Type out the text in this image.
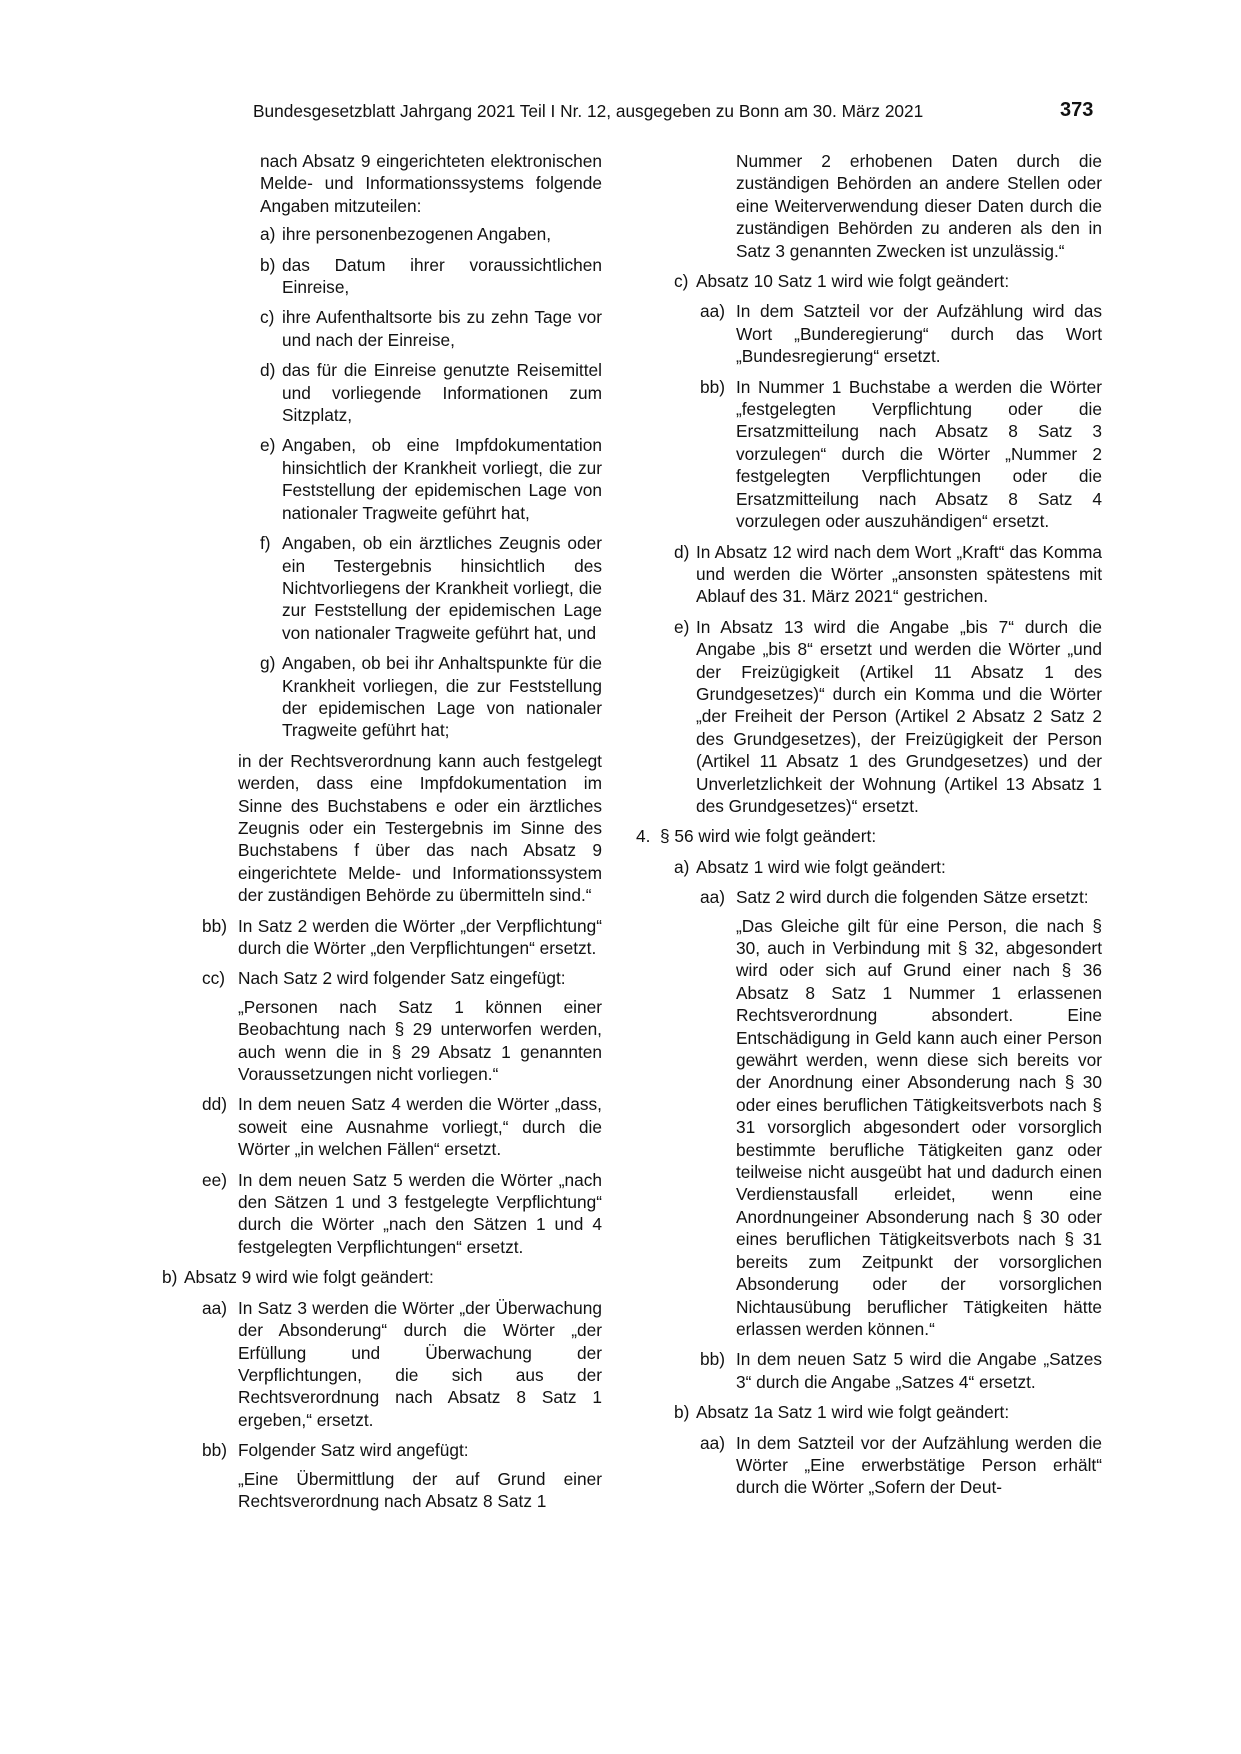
Bundesgesetzblatt Jahrgang 2021 Teil I Nr. 12, ausgegeben zu Bonn am 30. März 2021	373

nach Absatz 9 eingerichteten elektronischen Melde- und Informationssystems folgende Angaben mitzuteilen:

a) ihre personenbezogenen Angaben,
b) das Datum ihrer voraussichtlichen Einreise,
c) ihre Aufenthaltsorte bis zu zehn Tage vor und nach der Einreise,
d) das für die Einreise genutzte Reisemittel und vorliegende Informationen zum Sitzplatz,
e) Angaben, ob eine Impfdokumentation hinsichtlich der Krankheit vorliegt, die zur Feststellung der epidemischen Lage von nationaler Tragweite geführt hat,
f) Angaben, ob ein ärztliches Zeugnis oder ein Testergebnis hinsichtlich des Nichtvorliegens der Krankheit vorliegt, die zur Feststellung der epidemischen Lage von nationaler Tragweite geführt hat, und
g) Angaben, ob bei ihr Anhaltspunkte für die Krankheit vorliegen, die zur Feststellung der epidemischen Lage von nationaler Tragweite geführt hat;

in der Rechtsverordnung kann auch festgelegt werden, dass eine Impfdokumentation im Sinne des Buchstabens e oder ein ärztliches Zeugnis oder ein Testergebnis im Sinne des Buchstabens f über das nach Absatz 9 eingerichtete Melde- und Informationssystem der zuständigen Behörde zu übermitteln sind.“

bb) In Satz 2 werden die Wörter „der Verpflichtung“ durch die Wörter „den Verpflichtungen“ ersetzt.
cc) Nach Satz 2 wird folgender Satz eingefügt:
„Personen nach Satz 1 können einer Beobachtung nach § 29 unterworfen werden, auch wenn die in § 29 Absatz 1 genannten Voraussetzungen nicht vorliegen.“
dd) In dem neuen Satz 4 werden die Wörter „dass, soweit eine Ausnahme vorliegt,“ durch die Wörter „in welchen Fällen“ ersetzt.
ee) In dem neuen Satz 5 werden die Wörter „nach den Sätzen 1 und 3 festgelegte Verpflichtung“ durch die Wörter „nach den Sätzen 1 und 4 festgelegten Verpflichtungen“ ersetzt.
b) Absatz 9 wird wie folgt geändert:
aa) In Satz 3 werden die Wörter „der Überwachung der Absonderung“ durch die Wörter „der Erfüllung und Überwachung der Verpflichtungen, die sich aus der Rechtsverordnung nach Absatz 8 Satz 1 ergeben,“ ersetzt.
bb) Folgender Satz wird angefügt:
„Eine Übermittlung der auf Grund einer Rechtsverordnung nach Absatz 8 Satz 1

Nummer 2 erhobenen Daten durch die zuständigen Behörden an andere Stellen oder eine Weiterverwendung dieser Daten durch die zuständigen Behörden zu anderen als den in Satz 3 genannten Zwecken ist unzulässig.“

c) Absatz 10 Satz 1 wird wie folgt geändert:
aa) In dem Satzteil vor der Aufzählung wird das Wort „Bunderegierung“ durch das Wort „Bundesregierung“ ersetzt.
bb) In Nummer 1 Buchstabe a werden die Wörter „festgelegten Verpflichtung oder die Ersatzmitteilung nach Absatz 8 Satz 3 vorzulegen“ durch die Wörter „Nummer 2 festgelegten Verpflichtungen oder die Ersatzmitteilung nach Absatz 8 Satz 4 vorzulegen oder auszuhändigen“ ersetzt.
d) In Absatz 12 wird nach dem Wort „Kraft“ das Komma und werden die Wörter „ansonsten spätestens mit Ablauf des 31. März 2021“ gestrichen.
e) In Absatz 13 wird die Angabe „bis 7“ durch die Angabe „bis 8“ ersetzt und werden die Wörter „und der Freizügigkeit (Artikel 11 Absatz 1 des Grundgesetzes)“ durch ein Komma und die Wörter „der Freiheit der Person (Artikel 2 Absatz 2 Satz 2 des Grundgesetzes), der Freizügigkeit der Person (Artikel 11 Absatz 1 des Grundgesetzes) und der Unverletzlichkeit der Wohnung (Artikel 13 Absatz 1 des Grundgesetzes)“ ersetzt.
4. § 56 wird wie folgt geändert:
a) Absatz 1 wird wie folgt geändert:
aa) Satz 2 wird durch die folgenden Sätze ersetzt:
„Das Gleiche gilt für eine Person, die nach § 30, auch in Verbindung mit § 32, abgesondert wird oder sich auf Grund einer nach § 36 Absatz 8 Satz 1 Nummer 1 erlassenen Rechtsverordnung absondert. Eine Entschädigung in Geld kann auch einer Person gewährt werden, wenn diese sich bereits vor der Anordnung einer Absonderung nach § 30 oder eines beruflichen Tätigkeitsverbots nach § 31 vorsorglich abgesondert oder vorsorglich bestimmte berufliche Tätigkeiten ganz oder teilweise nicht ausgeübt hat und dadurch einen Verdienstausfall erleidet, wenn eine Anordnungeiner Absonderung nach § 30 oder eines beruflichen Tätigkeitsverbots nach § 31 bereits zum Zeitpunkt der vorsorglichen Absonderung oder der vorsorglichen Nichtausübung beruflicher Tätigkeiten hätte erlassen werden können.“
bb) In dem neuen Satz 5 wird die Angabe „Satzes 3“ durch die Angabe „Satzes 4“ ersetzt.
b) Absatz 1a Satz 1 wird wie folgt geändert:
aa) In dem Satzteil vor der Aufzählung werden die Wörter „Eine erwerbstätige Person erhält“ durch die Wörter „Sofern der Deut-
